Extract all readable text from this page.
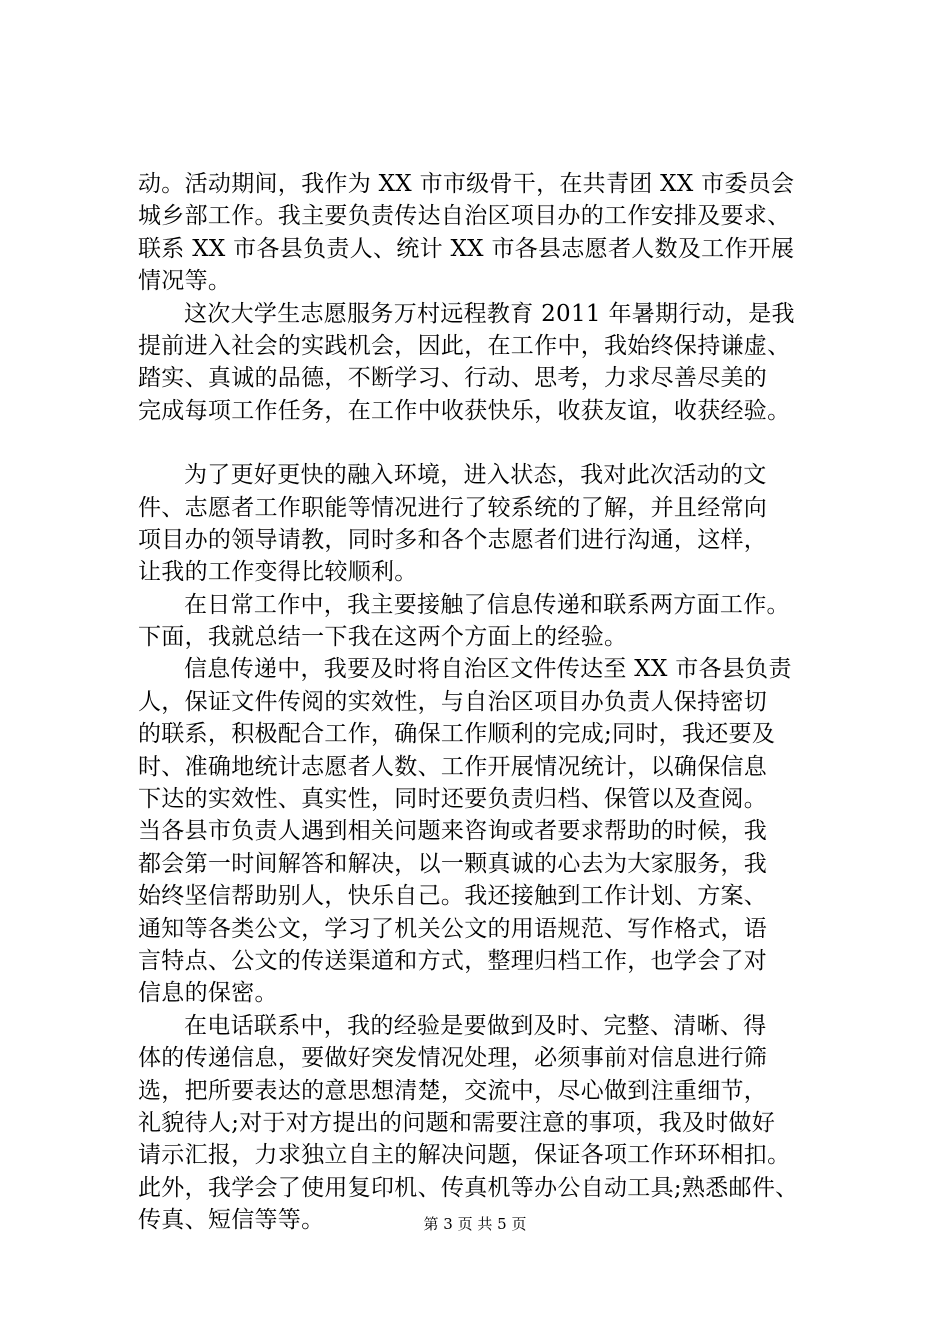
动。活动期间，我作为 XX 市市级骨干，在共青团 XX 市委员会
城乡部工作。我主要负责传达自治区项目办的工作安排及要求、
联系 XX 市各县负责人、统计 XX 市各县志愿者人数及工作开展
情况等。
这次大学生志愿服务万村远程教育 2011 年暑期行动，是我
提前进入社会的实践机会，因此，在工作中，我始终保持谦虚、
踏实、真诚的品德，不断学习、行动、思考，力求尽善尽美的
完成每项工作任务，在工作中收获快乐，收获友谊，收获经验。
为了更好更快的融入环境，进入状态，我对此次活动的文
件、志愿者工作职能等情况进行了较系统的了解，并且经常向
项目办的领导请教，同时多和各个志愿者们进行沟通，这样，
让我的工作变得比较顺利。
在日常工作中，我主要接触了信息传递和联系两方面工作。
下面，我就总结一下我在这两个方面上的经验。
信息传递中，我要及时将自治区文件传达至 XX 市各县负责
人，保证文件传阅的实效性，与自治区项目办负责人保持密切
的联系，积极配合工作，确保工作顺利的完成;同时，我还要及
时、准确地统计志愿者人数、工作开展情况统计，以确保信息
下达的实效性、真实性，同时还要负责归档、保管以及查阅。
当各县市负责人遇到相关问题来咨询或者要求帮助的时候，我
都会第一时间解答和解决，以一颗真诚的心去为大家服务，我
始终坚信帮助别人，快乐自己。我还接触到工作计划、方案、
通知等各类公文，学习了机关公文的用语规范、写作格式，语
言特点、公文的传送渠道和方式，整理归档工作，也学会了对
信息的保密。
在电话联系中，我的经验是要做到及时、完整、清晰、得
体的传递信息，要做好突发情况处理，必须事前对信息进行筛
选，把所要表达的意思想清楚，交流中，尽心做到注重细节，
礼貌待人;对于对方提出的问题和需要注意的事项，我及时做好
请示汇报，力求独立自主的解决问题，保证各项工作环环相扣。
此外，我学会了使用复印机、传真机等办公自动工具;熟悉邮件、
传真、短信等等。	第 3 页 共 5 页
